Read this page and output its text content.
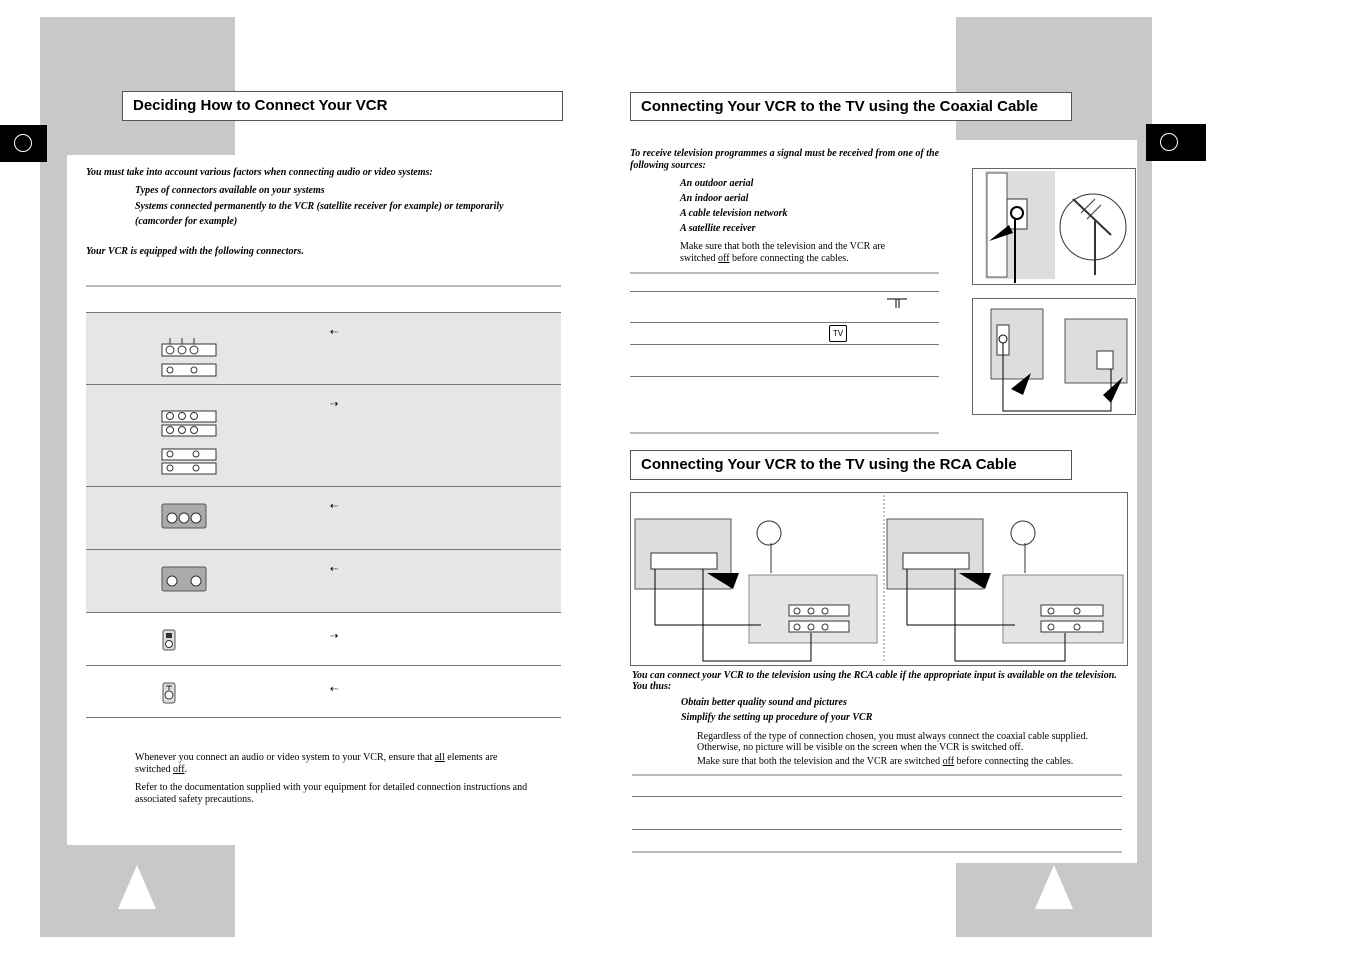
Deciding How to Connect Your VCR
You must take into account various factors when connecting audio or video systems:
Types of connectors available on your systems
Systems connected permanently to the VCR (satellite receiver for example) or temporarily
(camcorder for example)
Your VCR is equipped with the following connectors.
⇠
⇢
⇠
⇠
⇢
⇠
Whenever you connect an audio or video system to your VCR, ensure that all elements are
switched off.
Refer to the documentation supplied with your equipment for detailed connection instructions and associated safety precautions.
Connecting Your VCR to the TV using the Coaxial Cable
To receive television programmes a signal must be received from one of the following sources:
An outdoor aerial
An indoor aerial
A cable television network
A satellite receiver
Make sure that both the television and the VCR are
switched off before connecting the cables.
TV
Connecting Your VCR to the TV using the RCA Cable
You can connect your VCR to the television using the RCA cable if the appropriate input is available on the television. You thus:
Obtain better quality sound and pictures
Simplify the setting up procedure of your VCR
Regardless of the type of connection chosen, you must always connect the coaxial cable supplied. Otherwise, no picture will be visible on the screen when the VCR is switched off.
Make sure that both the television and the VCR are switched off before connecting the cables.
